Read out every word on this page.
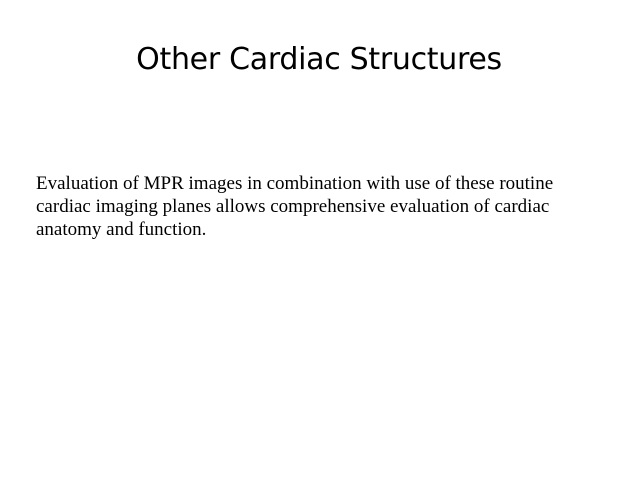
Other Cardiac Structures
Evaluation of MPR images in combination with use of these routine cardiac imaging planes allows comprehensive evaluation of cardiac anatomy and function.
